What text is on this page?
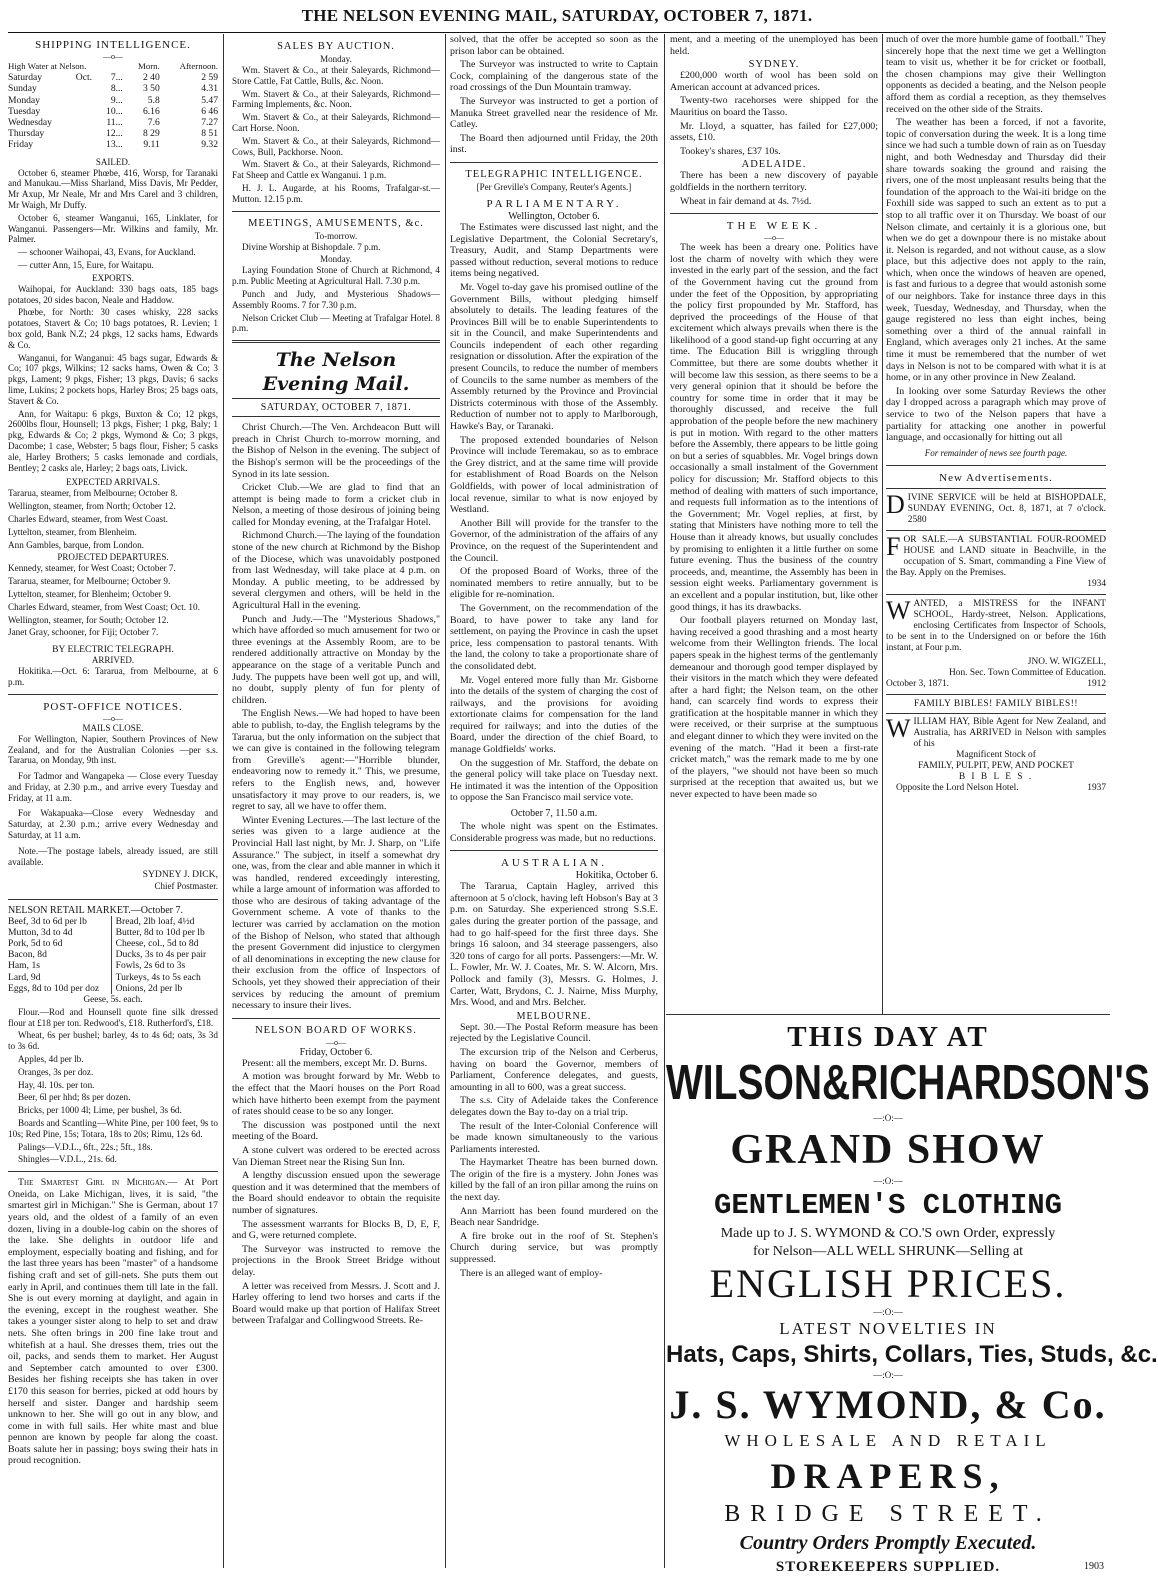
THE NELSON EVENING MAIL, SATURDAY, OCTOBER 7, 1871.
SHIPPING INTELLIGENCE.
—o—
High Water at Nelson.				Morn.	Afternoon.
Saturday	Oct.	7	...	2 40	2 59
Sunday		8	...	3 50	4.31
Monday		9	...	5.8	5.47
Tuesday		10	...	6.16	6 46
Wednesday		11	...	7.6	7.27
Thursday		12	...	8 29	8 51
Friday		13	...	9.11	9.32
SAILED.

October 6, steamer Phœbe, 416, Worsp, for Taranaki and Manukau.—Miss Sharland, Miss Davis, Mr Pedder, Mr Axup, Mr Neale, Mr and Mrs Carel and 3 children, Mr Waigh, Mr Duffy.

October 6, steamer Wanganui, 165, Linklater, for Wanganui. Passengers—Mr. Wilkins and family, Mr. Palmer.

— schooner Waihopai, 43, Evans, for Auckland.

— cutter Ann, 15, Eure, for Waitapu.

EXPORTS.

Waihopai, for Auckland: 330 bags oats, 185 bags potatoes, 20 sides bacon, Neale and Haddow.

Phœbe, for North: 30 cases whisky, 228 sacks potatoes, Stavert & Co; 10 bags potatoes, R. Levien; 1 box gold, Bank N.Z; 24 pkgs, 12 sacks hams, Edwards & Co.

Wanganui, for Wanganui: 45 bags sugar, Edwards & Co; 107 pkgs, Wilkins; 12 sacks hams, Owen & Co; 3 pkgs, Lament; 9 pkgs, Fisher; 13 pkgs, Davis; 6 sacks lime, Lukins; 2 pockets hops, Harley Bros; 25 bags oats, Stavert & Co.

Ann, for Waitapu: 6 pkgs, Buxton & Co; 12 pkgs, 2600lbs flour, Hounsell; 13 pkgs, Fisher; 1 pkg, Baly; 1 pkg, Edwards & Co; 2 pkgs, Wymond & Co; 3 pkgs, Dacombe; 1 case, Webster; 5 bags flour, Fisher; 5 casks ale, Harley Brothers; 5 casks lemonade and cordials, Bentley; 2 casks ale, Harley; 2 bags oats, Livick.

EXPECTED ARRIVALS.

Tararua, steamer, from Melbourne; October 8.

Wellington, steamer, from North; October 12.

Charles Edward, steamer, from West Coast.

Lyttelton, steamer, from Blenheim.

Ann Gambles, barque, from London.

PROJECTED DEPARTURES.

Kennedy, steamer, for West Coast; October 7.

Tararua, steamer, for Melbourne; October 9.

Lyttelton, steamer, for Blenheim; October 9.

Charles Edward, steamer, from West Coast; Oct. 10.

Wellington, steamer, for South; October 12.

Janet Gray, schooner, for Fiji; October 7.

BY ELECTRIC TELEGRAPH.
ARRIVED.

Hokitika.—Oct. 6: Tararua, from Melbourne, at 6 p.m.

POST-OFFICE NOTICES.
—o—
MAILS CLOSE.

For Wellington, Napier, Southern Provinces of New Zealand, and for the Australian Colonies —per s.s. Tararua, on Monday, 9th inst.

For Tadmor and Wangapeka — Close every Tuesday and Friday, at 2.30 p.m., and arrive every Tuesday and Friday, at 11 a.m.

For Wakapuaka—Close every Wednesday and Saturday, at 2.30 p.m.; arrive every Wednesday and Saturday, at 11 a.m.

Note.—The postage labels, already issued, are still available.

SYDNEY J. DICK,
Chief Postmaster.
NELSON RETAIL MARKET.—October 7.
Beef, 3d to 6d per lb	Bread, 2lb loaf, 4½d
Mutton, 3d to 4d	Butter, 8d to 10d per lb
Pork, 5d to 6d	Cheese, col., 5d to 8d
Bacon, 8d	Ducks, 3s to 4s per pair
Ham, 1s	Fowls, 2s 6d to 3s
Lard, 9d	Turkeys, 4s to 5s each
Eggs, 8d to 10d per doz	Onions, 2d per lb

Geese, 5s. each.

Flour.—Rod and Hounsell quote fine silk dressed flour at £18 per ton. Redwood's, £18. Rutherford's, £18.

Wheat, 6s per bushel; barley, 4s to 4s 6d; oats, 3s 3d to 3s 6d.

Apples, 4d per lb.

Oranges, 3s per doz.

Hay, 4l. 10s. per ton.

Beer, 6l per hhd; 8s per dozen.

Bricks, per 1000 4l; Lime, per bushel, 3s 6d.

Boards and Scantling—White Pine, per 100 feet, 9s to 10s; Red Pine, 15s; Totara, 18s to 20s; Rimu, 12s 6d.

Palings—V.D.L., 6ft., 22s.; 5ft., 18s.

Shingles—V.D.L., 21s. 6d.

The Smartest Girl in Michigan.— At Port Oneida, on Lake Michigan, lives, it is said, "the smartest girl in Michigan." She is German, about 17 years old, and the oldest of a family of an even dozen, living in a double-log cabin on the shores of the lake. She delights in outdoor life and employment, especially boating and fishing, and for the last three years has been "master" of a handsome fishing craft and set of gill-nets. She puts them out early in April, and continues them till late in the fall. She is out every morning at daylight, and again in the evening, except in the roughest weather. She takes a younger sister along to help to set and draw nets. She often brings in 200 fine lake trout and whitefish at a haul. She dresses them, tries out the oil, packs, and sends them to market. Her August and September catch amounted to over £300. Besides her fishing receipts she has taken in over £170 this season for berries, picked at odd hours by herself and sister. Danger and hardship seem unknown to her. She will go out in any blow, and come in with full sails. Her white mast and blue pennon are known by people far along the coast. Boats salute her in passing; boys swing their hats in proud recognition.

SALES BY AUCTION.
Monday.

Wm. Stavert & Co., at their Saleyards, Richmond—Store Cattle, Fat Cattle, Bulls, &c. Noon.

Wm. Stavert & Co., at their Saleyards, Richmond—Farming Implements, &c. Noon.

Wm. Stavert & Co., at their Saleyards, Richmond—Cart Horse. Noon.

Wm. Stavert & Co., at their Saleyards, Richmond—Cows, Bull, Packhorse. Noon.

Wm. Stavert & Co., at their Saleyards, Richmond—Fat Sheep and Cattle ex Wanganui. 1 p.m.

H. J. L. Augarde, at his Rooms, Trafalgar-st.—Mutton. 12.15 p.m.

MEETINGS, AMUSEMENTS, &c.
To-morrow.

Divine Worship at Bishopdale. 7 p.m.

Monday.

Laying Foundation Stone of Church at Richmond, 4 p.m. Public Meeting at Agricultural Hall. 7.30 p.m.

Punch and Judy, and Mysterious Shadows—Assembly Rooms. 7 for 7.30 p.m.

Nelson Cricket Club — Meeting at Trafalgar Hotel. 8 p.m.

The Nelson Evening Mail.
SATURDAY, OCTOBER 7, 1871.

Christ Church.—The Ven. Archdeacon Butt will preach in Christ Church to-morrow morning, and the Bishop of Nelson in the evening. The subject of the Bishop's sermon will be the proceedings of the Synod in its late session.

Cricket Club.—We are glad to find that an attempt is being made to form a cricket club in Nelson, a meeting of those desirous of joining being called for Monday evening, at the Trafalgar Hotel.

Richmond Church.—The laying of the foundation stone of the new church at Richmond by the Bishop of the Diocese, which was unavoidably postponed from last Wednesday, will take place at 4 p.m. on Monday. A public meeting, to be addressed by several clergymen and others, will be held in the Agricultural Hall in the evening.

Punch and Judy.—The "Mysterious Shadows," which have afforded so much amusement for two or three evenings at the Assembly Room, are to be rendered additionally attractive on Monday by the appearance on the stage of a veritable Punch and Judy. The puppets have been well got up, and will, no doubt, supply plenty of fun for plenty of children.

The English News.—We had hoped to have been able to publish, to-day, the English telegrams by the Tararua, but the only information on the subject that we can give is contained in the following telegram from Greville's agent:—"Horrible blunder, endeavoring now to remedy it." This, we presume, refers to the English news, and, however unsatisfactory it may prove to our readers, is, we regret to say, all we have to offer them.

Winter Evening Lectures.—The last lecture of the series was given to a large audience at the Provincial Hall last night, by Mr. J. Sharp, on "Life Assurance." The subject, in itself a somewhat dry one, was, from the clear and able manner in which it was handled, rendered exceedingly interesting, while a large amount of information was afforded to those who are desirous of taking advantage of the Government scheme. A vote of thanks to the lecturer was carried by acclamation on the motion of the Bishop of Nelson, who stated that although the present Government did injustice to clergymen of all denominations in excepting the new clause for their exclusion from the office of Inspectors of Schools, yet they showed their appreciation of their services by reducing the amount of premium necessary to insure their lives.

NELSON BOARD OF WORKS.
—o—
Friday, October 6.

Present: all the members, except Mr. D. Burns.

A motion was brought forward by Mr. Webb to the effect that the Maori houses on the Port Road which have hitherto been exempt from the payment of rates should cease to be so any longer.

The discussion was postponed until the next meeting of the Board.

A stone culvert was ordered to be erected across Van Dieman Street near the Rising Sun Inn.

A lengthy discussion ensued upon the sewerage question and it was determined that the members of the Board should endeavor to obtain the requisite number of signatures.

The assessment warrants for Blocks B, D, E, F, and G, were returned complete.

The Surveyor was instructed to remove the projections in the Brook Street Bridge without delay.

A letter was received from Messrs. J. Scott and J. Harley offering to lend two horses and carts if the Board would make up that portion of Halifax Street between Trafalgar and Collingwood Streets. Re-

solved, that the offer be accepted so soon as the prison labor can be obtained.

The Surveyor was instructed to write to Captain Cock, complaining of the dangerous state of the road crossings of the Dun Mountain tramway.

The Surveyor was instructed to get a portion of Manuka Street gravelled near the residence of Mr. Catley.

The Board then adjourned until Friday, the 20th inst.

TELEGRAPHIC INTELLIGENCE.
[Per Greville's Company, Reuter's Agents.]
PARLIAMENTARY.
Wellington, October 6.

The Estimates were discussed last night, and the Legislative Department, the Colonial Secretary's, Treasury, Audit, and Stamp Departments were passed without reduction, several motions to reduce items being negatived.

Mr. Vogel to-day gave his promised outline of the Government Bills, without pledging himself absolutely to details. The leading features of the Provinces Bill will be to enable Superintendents to sit in the Council, and make Superintendents and Councils independent of each other regarding resignation or dissolution. After the expiration of the present Councils, to reduce the number of members of Councils to the same number as members of the Assembly returned by the Province and Provincial Districts coterminous with those of the Assembly. Reduction of number not to apply to Marlborough, Hawke's Bay, or Taranaki.

The proposed extended boundaries of Nelson Province will include Teremakau, so as to embrace the Grey district, and at the same time will provide for establishment of Road Boards on the Nelson Goldfields, with power of local administration of local revenue, similar to what is now enjoyed by Westland.

Another Bill will provide for the transfer to the Governor, of the administration of the affairs of any Province, on the request of the Superintendent and the Council.

Of the proposed Board of Works, three of the nominated members to retire annually, but to be eligible for re-nomination.

The Government, on the recommendation of the Board, to have power to take any land for settlement, on paying the Province in cash the upset price, less compensation to pastoral tenants. With the land, the colony to take a proportionate share of the consolidated debt.

Mr. Vogel entered more fully than Mr. Gisborne into the details of the system of charging the cost of railways, and the provisions for avoiding extortionate claims for compensation for the land required for railways; and into the duties of the Board, under the direction of the chief Board, to manage Goldfields' works.

On the suggestion of Mr. Stafford, the debate on the general policy will take place on Tuesday next. He intimated it was the intention of the Opposition to oppose the San Francisco mail service vote.

October 7, 11.50 a.m.

The whole night was spent on the Estimates. Considerable progress was made, but no reductions.

AUSTRALIAN.
Hokitika, October 6.

The Tararua, Captain Hagley, arrived this afternoon at 5 o'clock, having left Hobson's Bay at 3 p.m. on Saturday. She experienced strong S.S.E. gales during the greater portion of the passage, and had to go half-speed for the first three days. She brings 16 saloon, and 34 steerage passengers, also 320 tons of cargo for all ports. Passengers:—Mr. W. L. Fowler, Mr. W. J. Coates, Mr. S. W. Alcorn, Mrs. Pollock and family (3), Messrs. G. Holmes, J. Carter, Watt, Brydons, C. J. Nairne, Miss Murphy, Mrs. Wood, and and Mrs. Belcher.

MELBOURNE.

Sept. 30.—The Postal Reform measure has been rejected by the Legislative Council.

The excursion trip of the Nelson and Cerberus, having on board the Governor, members of Parliament, Conference delegates, and guests, amounting in all to 600, was a great success.

The s.s. City of Adelaide takes the Conference delegates down the Bay to-day on a trial trip.

The result of the Inter-Colonial Conference will be made known simultaneously to the various Parliaments interested.

The Haymarket Theatre has been burned down. The origin of the fire is a mystery. John Jones was killed by the fall of an iron pillar among the ruins on the next day.

Ann Marriott has been found murdered on the Beach near Sandridge.

A fire broke out in the roof of St. Stephen's Church during service, but was promptly suppressed.

There is an alleged want of employ-

ment, and a meeting of the unemployed has been held.

SYDNEY.

£200,000 worth of wool has been sold on American account at advanced prices.

Twenty-two racehorses were shipped for the Mauritius on board the Tasso.

Mr. Lloyd, a squatter, has failed for £27,000; assets, £10.

Tookey's shares, £37 10s.

ADELAIDE.

There has been a new discovery of payable goldfields in the northern territory.

Wheat in fair demand at 4s. 7½d.

THE WEEK.
—o—

The week has been a dreary one. Politics have lost the charm of novelty with which they were invested in the early part of the session, and the fact of the Government having cut the ground from under the feet of the Opposition, by appropriating the policy first propounded by Mr. Stafford, has deprived the proceedings of the House of that excitement which always prevails when there is the likelihood of a good stand-up fight occurring at any time. The Education Bill is wriggling through Committee, but there are some doubts whether it will become law this session, as there seems to be a very general opinion that it should be before the country for some time in order that it may be thoroughly discussed, and receive the full approbation of the people before the new machinery is put in motion. With regard to the other matters before the Assembly, there appears to be little going on but a series of squabbles. Mr. Vogel brings down occasionally a small instalment of the Government policy for discussion; Mr. Stafford objects to this method of dealing with matters of such importance, and requests full information as to the intentions of the Government; Mr. Vogel replies, at first, by stating that Ministers have nothing more to tell the House than it already knows, but usually concludes by promising to enlighten it a little further on some future evening. Thus the business of the country proceeds, and, meantime, the Assembly has been in session eight weeks. Parliamentary government is an excellent and a popular institution, but, like other good things, it has its drawbacks.

Our football players returned on Monday last, having received a good thrashing and a most hearty welcome from their Wellington friends. The local papers speak in the highest terms of the gentlemanly demeanour and thorough good temper displayed by their visitors in the match which they were defeated after a hard fight; the Nelson team, on the other hand, can scarcely find words to express their gratification at the hospitable manner in which they were received, or their surprise at the sumptuous and elegant dinner to which they were invited on the evening of the match. "Had it been a first-rate cricket match," was the remark made to me by one of the players, "we should not have been so much surprised at the reception that awaited us, but we never expected to have been made so

much of over the more humble game of football." They sincerely hope that the next time we get a Wellington team to visit us, whether it be for cricket or football, the chosen champions may give their Wellington opponents as decided a beating, and the Nelson people afford them as cordial a reception, as they themselves received on the other side of the Straits.

The weather has been a forced, if not a favorite, topic of conversation during the week. It is a long time since we had such a tumble down of rain as on Tuesday night, and both Wednesday and Thursday did their share towards soaking the ground and raising the rivers, one of the most unpleasant results being that the foundation of the approach to the Wai-iti bridge on the Foxhill side was sapped to such an extent as to put a stop to all traffic over it on Thursday. We boast of our Nelson climate, and certainly it is a glorious one, but when we do get a downpour there is no mistake about it. Nelson is regarded, and not without cause, as a slow place, but this adjective does not apply to the rain, which, when once the windows of heaven are opened, is fast and furious to a degree that would astonish some of our neighbors. Take for instance three days in this week, Tuesday, Wednesday, and Thursday, when the gauge registered no less than eight inches, being something over a third of the annual rainfall in England, which averages only 21 inches. At the same time it must be remembered that the number of wet days in Nelson is not to be compared with what it is at home, or in any other province in New Zealand.

In looking over some Saturday Reviews the other day I dropped across a paragraph which may prove of service to two of the Nelson papers that have a partiality for attacking one another in powerful language, and occasionally for hitting out all

For remainder of news see fourth page.
New Advertisements.
DIVINE SERVICE will be held at BISHOPDALE, SUNDAY EVENING, Oct. 8, 1871, at 7 o'clock. 2580
FOR SALE.—A SUBSTANTIAL FOUR-ROOMED HOUSE and LAND situate in Beachville, in the occupation of S. Smart, commanding a Fine View of the Bay. Apply on the Premises.
1934
WANTED, a MISTRESS for the INFANT SCHOOL, Hardy-street, Nelson. Applications, enclosing Certificates from Inspector of Schools, to be sent in to the Undersigned on or before the 16th instant, at Four p.m.
JNO. W. WIGZELL,
Hon. Sec. Town Committee of Education.
October 3, 1871.	1912
FAMILY BIBLES! FAMILY BIBLES!!
W ILLIAM HAY, Bible Agent for New Zealand, and Australia, has ARRIVED in Nelson with samples of his
Magnificent Stock of
FAMILY, PULPIT, PEW, AND POCKET
B I B L E S .
Opposite the Lord Nelson Hotel.	1937
THIS DAY AT
WILSON&RICHARDSON'S
—:O:—
GRAND SHOW
—:O:—
GENTLEMEN'S CLOTHING
Made up to J. S. WYMOND & CO.'S own Order, expressly
for Nelson—ALL WELL SHRUNK—Selling at
ENGLISH PRICES.
—:O:—
LATEST NOVELTIES IN
Hats, Caps, Shirts, Collars, Ties, Studs, &c.
—:O:—
J. S. WYMOND, & Co.
WHOLESALE AND RETAIL
DRAPERS,
BRIDGE STREET.
Country Orders Promptly Executed.
STOREKEEPERS SUPPLIED.	1903
